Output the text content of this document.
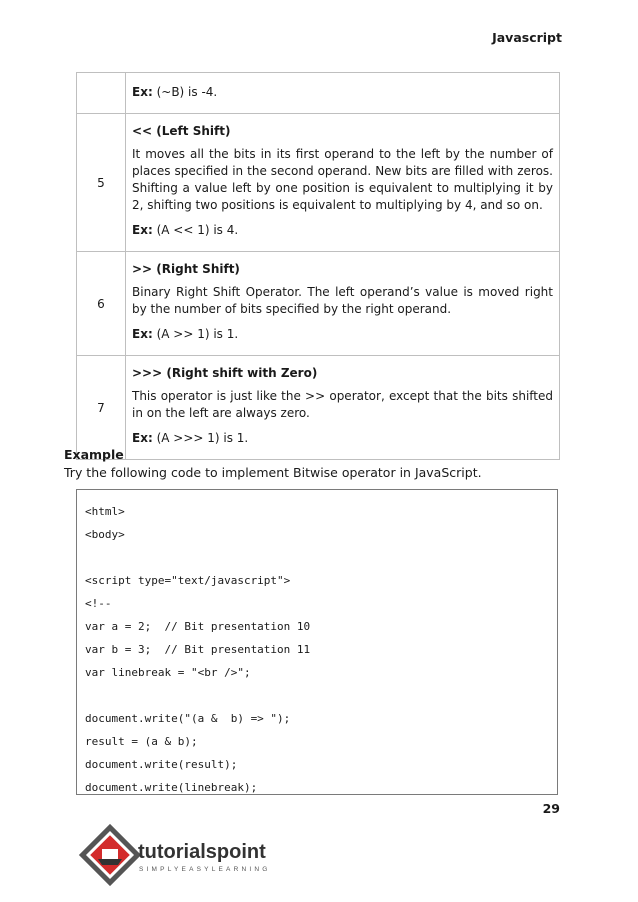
Javascript

	Ex: (~B) is -4.

5	<< (Left Shift)
It moves all the bits in its first operand to the left by the number of places specified in the second operand. New bits are filled with zeros. Shifting a value left by one position is equivalent to multiplying it by 2, shifting two positions is equivalent to multiplying by 4, and so on.
Ex: (A << 1) is 4.

6	>> (Right Shift)
Binary Right Shift Operator. The left operand’s value is moved right by the number of bits specified by the right operand.
Ex: (A >> 1) is 1.

7	>>> (Right shift with Zero)
This operator is just like the >> operator, except that the bits shifted in on the left are always zero.
Ex: (A >>> 1) is 1.
Example
Try the following code to implement Bitwise operator in JavaScript.
<html>
<body>
<script type="text/javascript">
<!--
var a = 2;  // Bit presentation 10
var b = 3;  // Bit presentation 11
var linebreak = "<br />";
document.write("(a &  b) => ");
result = (a & b);
document.write(result);
document.write(linebreak);
29
tutorialspoint
SIMPLYEASYLEARNING
